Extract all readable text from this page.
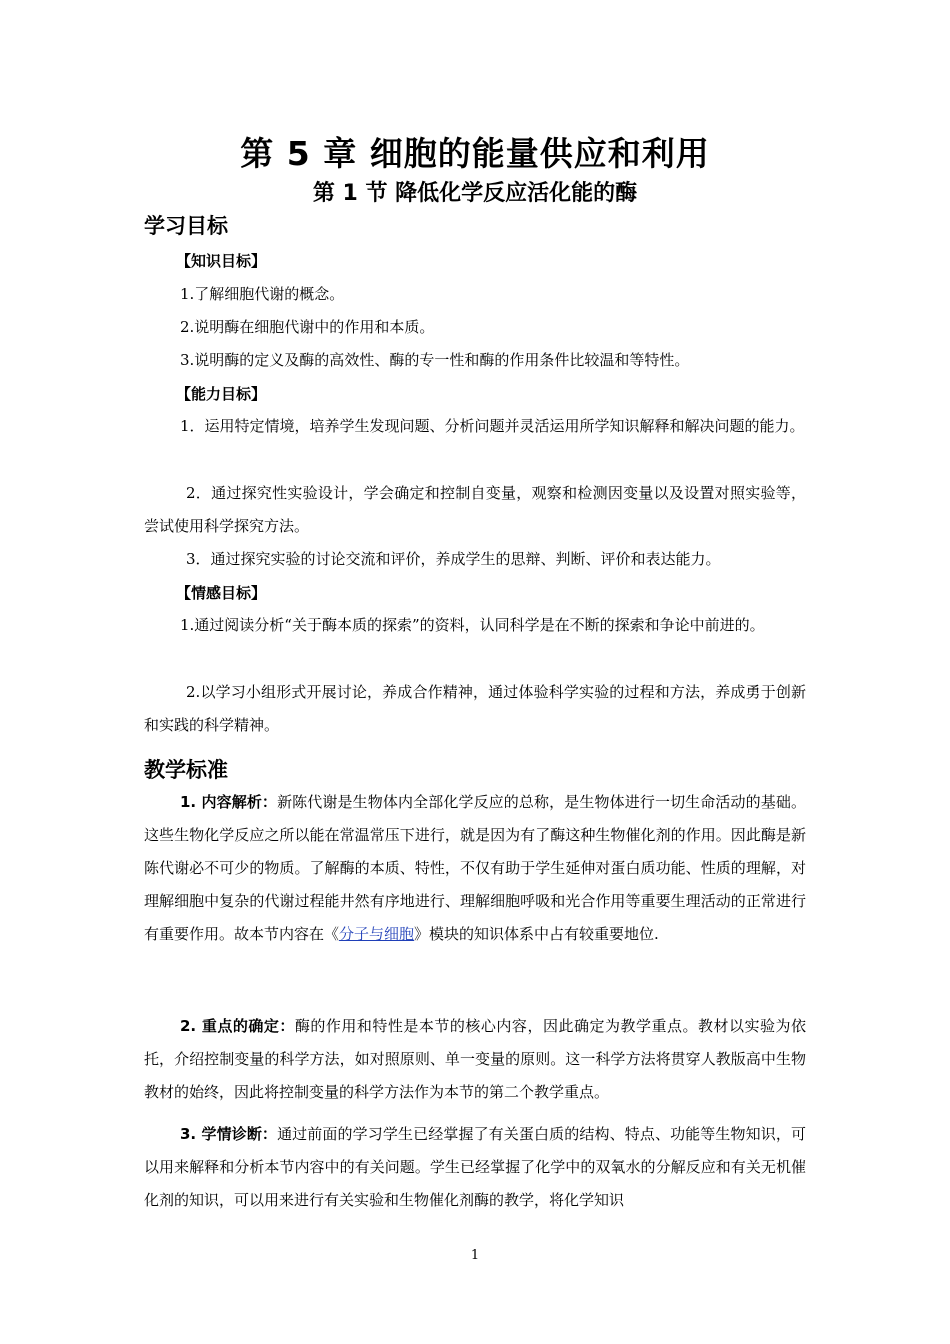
第 5 章 细胞的能量供应和利用
第 1 节 降低化学反应活化能的酶
学习目标
【知识目标】
1.了解细胞代谢的概念。
2.说明酶在细胞代谢中的作用和本质。
3.说明酶的定义及酶的高效性、酶的专一性和酶的作用条件比较温和等特性。
【能力目标】
1．运用特定情境，培养学生发现问题、分析问题并灵活运用所学知识解释和解决问题的能力。
2．通过探究性实验设计，学会确定和控制自变量，观察和检测因变量以及设置对照实验等，尝试使用科学探究方法。
3．通过探究实验的讨论交流和评价，养成学生的思辩、判断、评价和表达能力。
【情感目标】
1.通过阅读分析“关于酶本质的探索”的资料，认同科学是在不断的探索和争论中前进的。
2.以学习小组形式开展讨论，养成合作精神，通过体验科学实验的过程和方法，养成勇于创新和实践的科学精神。
教学标准
1. 内容解析：新陈代谢是生物体内全部化学反应的总称，是生物体进行一切生命活动的基础。这些生物化学反应之所以能在常温常压下进行，就是因为有了酶这种生物催化剂的作用。因此酶是新陈代谢必不可少的物质。了解酶的本质、特性，不仅有助于学生延伸对蛋白质功能、性质的理解，对理解细胞中复杂的代谢过程能井然有序地进行、理解细胞呼吸和光合作用等重要生理活动的正常进行有重要作用。故本节内容在《分子与细胞》模块的知识体系中占有较重要地位.
2. 重点的确定：酶的作用和特性是本节的核心内容，因此确定为教学重点。教材以实验为依托，介绍控制变量的科学方法，如对照原则、单一变量的原则。这一科学方法将贯穿人教版高中生物教材的始终，因此将控制变量的科学方法作为本节的第二个教学重点。
3. 学情诊断：通过前面的学习学生已经掌握了有关蛋白质的结构、特点、功能等生物知识，可以用来解释和分析本节内容中的有关问题。学生已经掌握了化学中的双氧水的分解反应和有关无机催化剂的知识，可以用来进行有关实验和生物催化剂酶的教学，将化学知识
1
